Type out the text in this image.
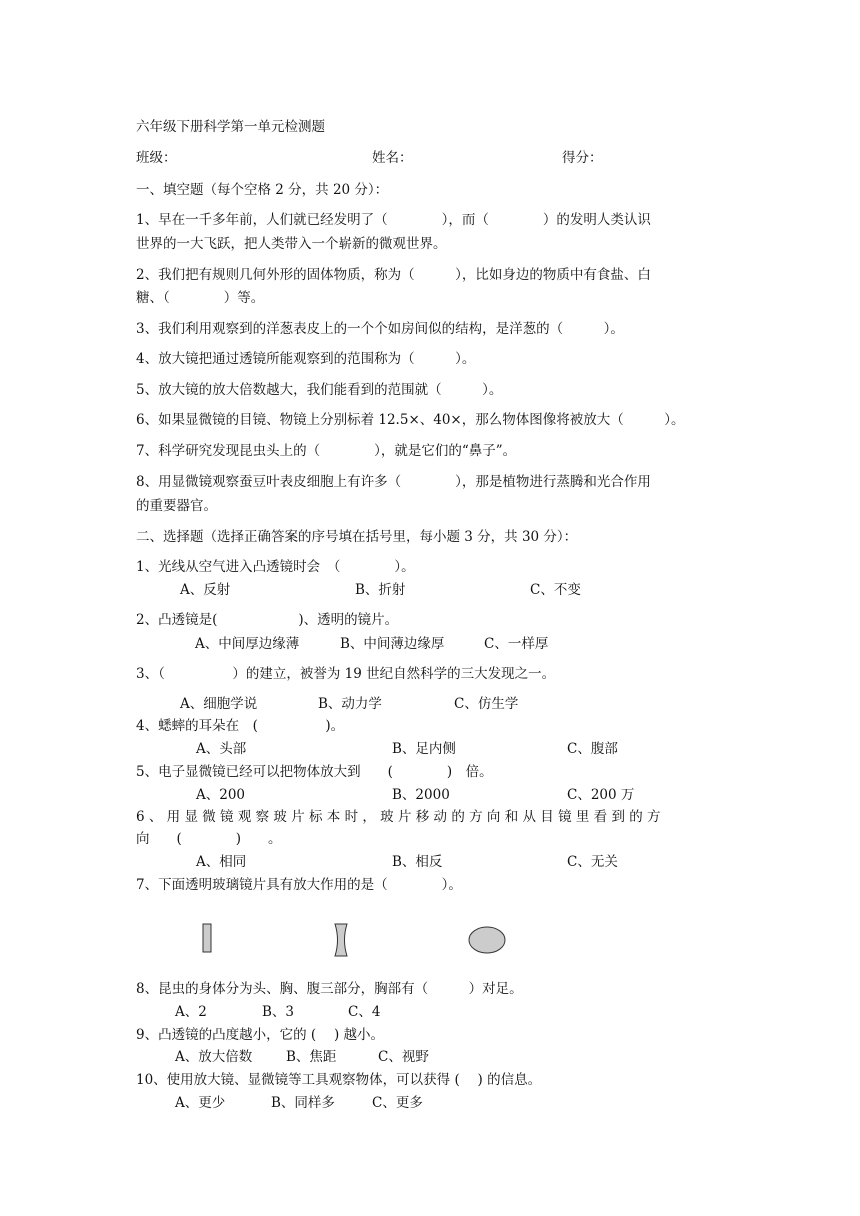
六年级下册科学第一单元检测题
班级：	姓名：	得分：
一、填空题（每个空格 2 分，共 20 分）：
1、早在一千多年前，人们就已经发明了（　　　　），而（　　　　）的发明人类认识
世界的一大飞跃，把人类带入一个崭新的微观世界。
2、我们把有规则几何外形的固体物质，称为（　　　），比如身边的物质中有食盐、白
糖、（　　　　）等。
3、我们利用观察到的洋葱表皮上的一个个如房间似的结构，是洋葱的（　　　）。
4、放大镜把通过透镜所能观察到的范围称为（　　　）。
5、放大镜的放大倍数越大，我们能看到的范围就（　　　）。
6、如果显微镜的目镜、物镜上分别标着 12.5×、40×，那么物体图像将被放大（　　　）。
7、科学研究发现昆虫头上的（　　　　），就是它们的“鼻子”。
8、用显微镜观察蚕豆叶表皮细胞上有许多（　　　　），那是植物进行蒸腾和光合作用
的重要器官。
二、选择题（选择正确答案的序号填在括号里，每小题 3 分，共 30 分）：
1、光线从空气进入凸透镜时会　（　　　　）。
A、反射	B、折射	C、不变
2、凸透镜是(　　　　　　)、透明的镜片。
A、中间厚边缘薄	B、中间薄边缘厚	C、一样厚
3、（　　　　　）的建立，被誉为 19 世纪自然科学的三大发现之一。
A、细胞学说	B、动力学	C、仿生学
4、蟋蟀的耳朵在　(　　　　　)。
A、头部	B、足内侧	C、腹部
5、电子显微镜已经可以把物体放大到　　(　　　　)　倍。
A、200	B、2000	C、200 万
6 、 用 显 微 镜 观 察 玻 片 标 本 时 ， 玻 片 移 动 的 方 向 和 从 目 镜 里 看 到 的 方
向　　(　　　　)　　。
A、相同	B、相反	C、无关
7、下面透明玻璃镜片具有放大作用的是（　　　　）。
8、昆虫的身体分为头、胸、腹三部分，胸部有（　　　）对足。
A、2	B、3	C、4
9、凸透镜的凸度越小，它的 (　 ) 越小。
A、放大倍数	B、焦距	C、视野
10、使用放大镜、显微镜等工具观察物体，可以获得 (　 ) 的信息。
A、更少	B、同样多	C、更多
